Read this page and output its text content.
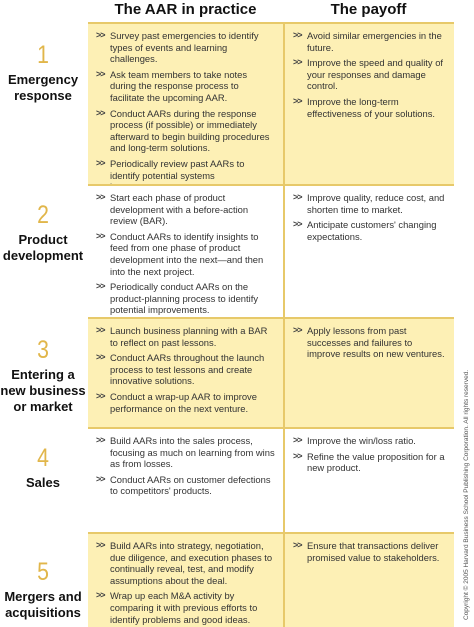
The AAR in practice	The payoff
1
Emergency response
>> Survey past emergencies to identify types of events and learning challenges.
>> Ask team members to take notes during the response process to facilitate the upcoming AAR.
>> Conduct AARs during the response process (if possible) or immediately afterward to begin building procedures and long-term solutions.
>> Periodically review past AARs to identify potential systems
>> Avoid similar emergencies in the future.
>> Improve the speed and quality of your responses and damage control.
>> Improve the long-term effectiveness of your solutions.
2
Product development
>> Start each phase of product development with a before-action review (BAR).
>> Conduct AARs to identify insights to feed from one phase of product development into the next—and then into the next project.
>> Periodically conduct AARs on the product-planning process to identify potential improvements.
>> Improve quality, reduce cost, and shorten time to market.
>> Anticipate customers' changing expectations.
3
Entering a new business or market
>> Launch business planning with a BAR to reflect on past lessons.
>> Conduct AARs throughout the launch process to test lessons and create innovative solutions.
>> Conduct a wrap-up AAR to improve performance on the next venture.
>> Apply lessons from past successes and failures to improve results on new ventures.
4
Sales
>> Build AARs into the sales process, focusing as much on learning from wins as from losses.
>> Conduct AARs on customer defections to competitors' products.
>> Improve the win/loss ratio.
>> Refine the value proposition for a new product.
5
Mergers and acquisitions
>> Build AARs into strategy, negotiation, due diligence, and execution phases to continually reveal, test, and modify assumptions about the deal.
>> Wrap up each M&A activity by comparing it with previous efforts to identify problems and good ideas.
>> Ensure that transactions deliver promised value to stakeholders.	Copyright © 2005 Harvard Business School Publishing Corporation. All rights reserved.
